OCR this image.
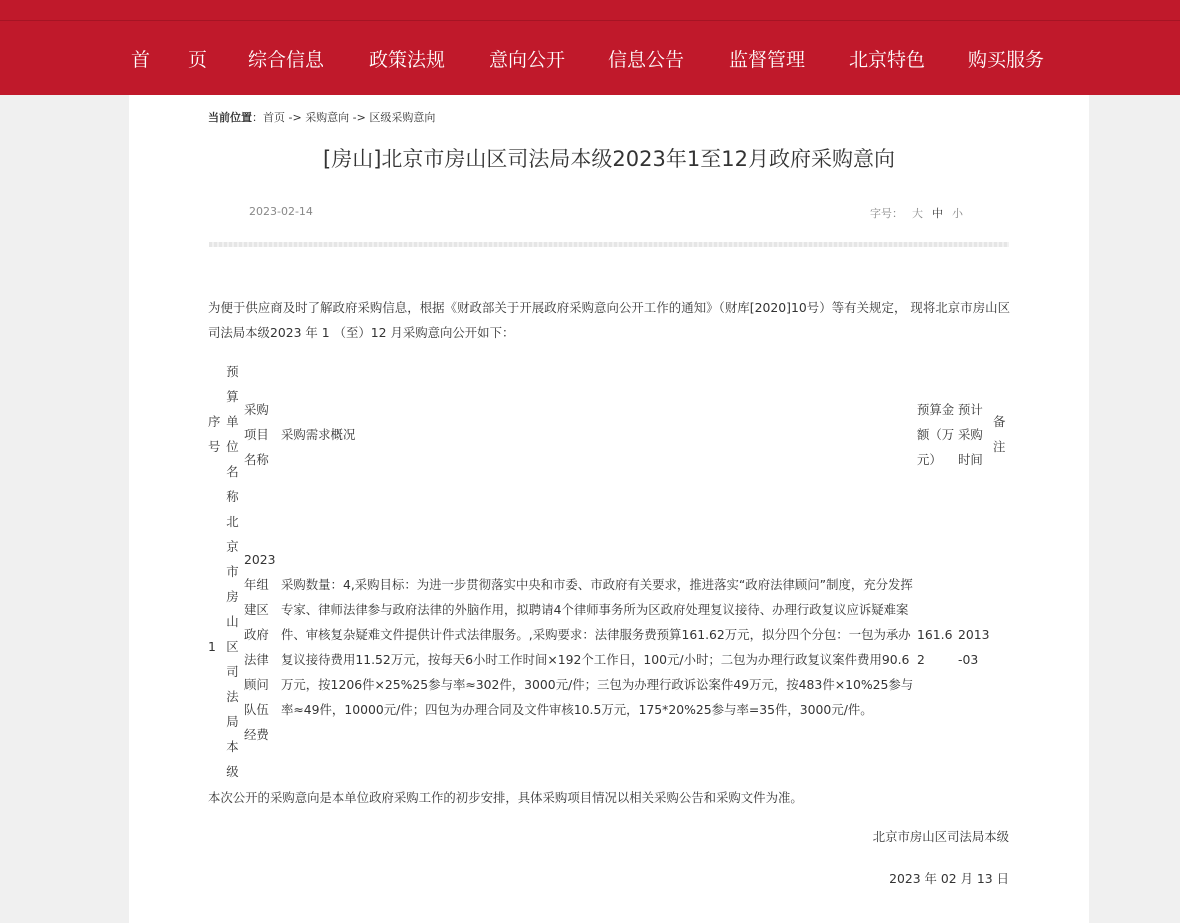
首　　页 综合信息 政策法规 意向公开 信息公告 监督管理 北京特色 购买服务
当前位置：首页 -> 采购意向 -> 区级采购意向
[房山]北京市房山区司法局本级2023年1至12月政府采购意向
2023-02-14	字号： 大 中 小
为便于供应商及时了解政府采购信息，根据《财政部关于开展政府采购意向公开工作的通知》（财库[2020]10号）等有关规定， 现将北京市房山区司法局本级2023 年 1 （至）12 月采购意向公开如下：
序号	预算单位名称	采购项目名称	采购需求概况	预算金额（万元）	预计采购时间	备注
1	北京市房山区司法局本级	2023年组建区政府法律顾问队伍经费	采购数量：4,采购目标：为进一步贯彻落实中央和市委、市政府有关要求，推进落实“政府法律顾问”制度，充分发挥专家、律师法律参与政府法律的外脑作用，拟聘请4个律师事务所为区政府处理复议接待、办理行政复议应诉疑难案件、审核复杂疑难文件提供计件式法律服务。,采购要求：法律服务费预算161.62万元，拟分四个分包：一包为承办复议接待费用11.52万元，按每天6小时工作时间×192个工作日，100元/小时；二包为办理行政复议案件费用90.6万元，按1206件×25%25参与率≈302件，3000元/件；三包为办理行政诉讼案件49万元，按483件×10%25参与率≈49件，10000元/件；四包为办理合同及文件审核10.5万元，175*20%25参与率=35件，3000元/件。	161.62	2013-03	
本次公开的采购意向是本单位政府采购工作的初步安排，具体采购项目情况以相关采购公告和采购文件为准。
北京市房山区司法局本级
2023 年 02 月 13 日
